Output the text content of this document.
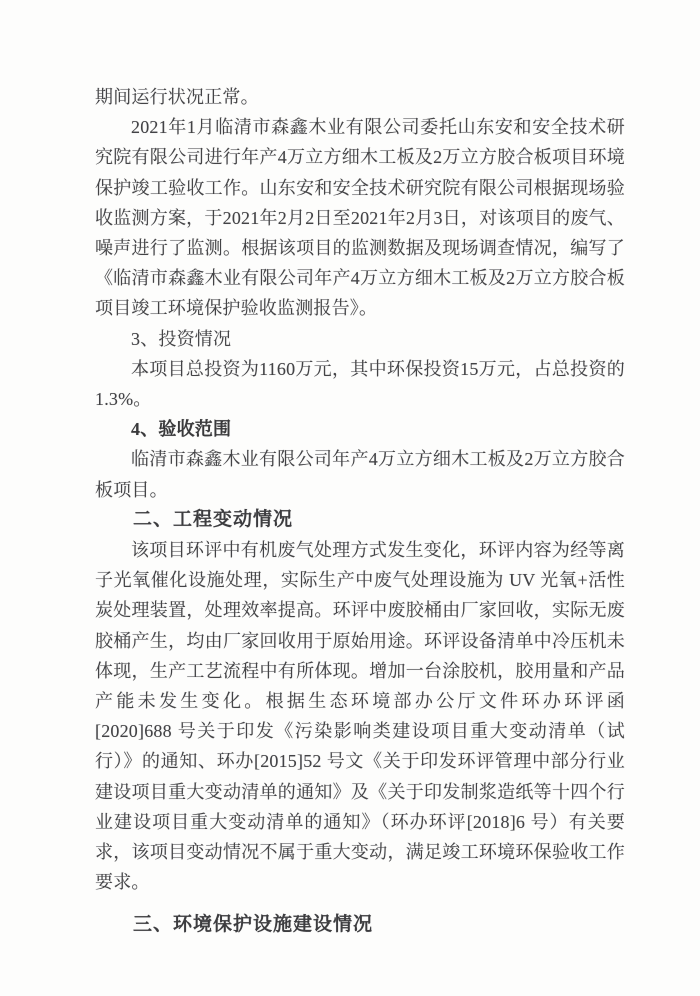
期间运行状况正常。

2021年1月临清市森鑫木业有限公司委托山东安和安全技术研究院有限公司进行年产4万立方细木工板及2万立方胶合板项目环境保护竣工验收工作。山东安和安全技术研究院有限公司根据现场验收监测方案，于2021年2月2日至2021年2月3日，对该项目的废气、噪声进行了监测。根据该项目的监测数据及现场调查情况，编写了《临清市森鑫木业有限公司年产4万立方细木工板及2万立方胶合板项目竣工环境保护验收监测报告》。

3、投资情况

本项目总投资为1160万元，其中环保投资15万元，占总投资的1.3%。

4、验收范围

临清市森鑫木业有限公司年产4万立方细木工板及2万立方胶合板项目。

二、工程变动情况

该项目环评中有机废气处理方式发生变化，环评内容为经等离子光氧催化设施处理，实际生产中废气处理设施为 UV 光氧+活性炭处理装置，处理效率提高。环评中废胶桶由厂家回收，实际无废胶桶产生，均由厂家回收用于原始用途。环评设备清单中冷压机未体现，生产工艺流程中有所体现。增加一台涂胶机，胶用量和产品产能未发生变化。根据生态环境部办公厅文件环办环评函[2020]688 号关于印发《污染影响类建设项目重大变动清单（试行）》的通知、环办[2015]52 号文《关于印发环评管理中部分行业建设项目重大变动清单的通知》及《关于印发制浆造纸等十四个行业建设项目重大变动清单的通知》（环办环评[2018]6 号）有关要求，该项目变动情况不属于重大变动，满足竣工环境环保验收工作要求。

三、环境保护设施建设情况
